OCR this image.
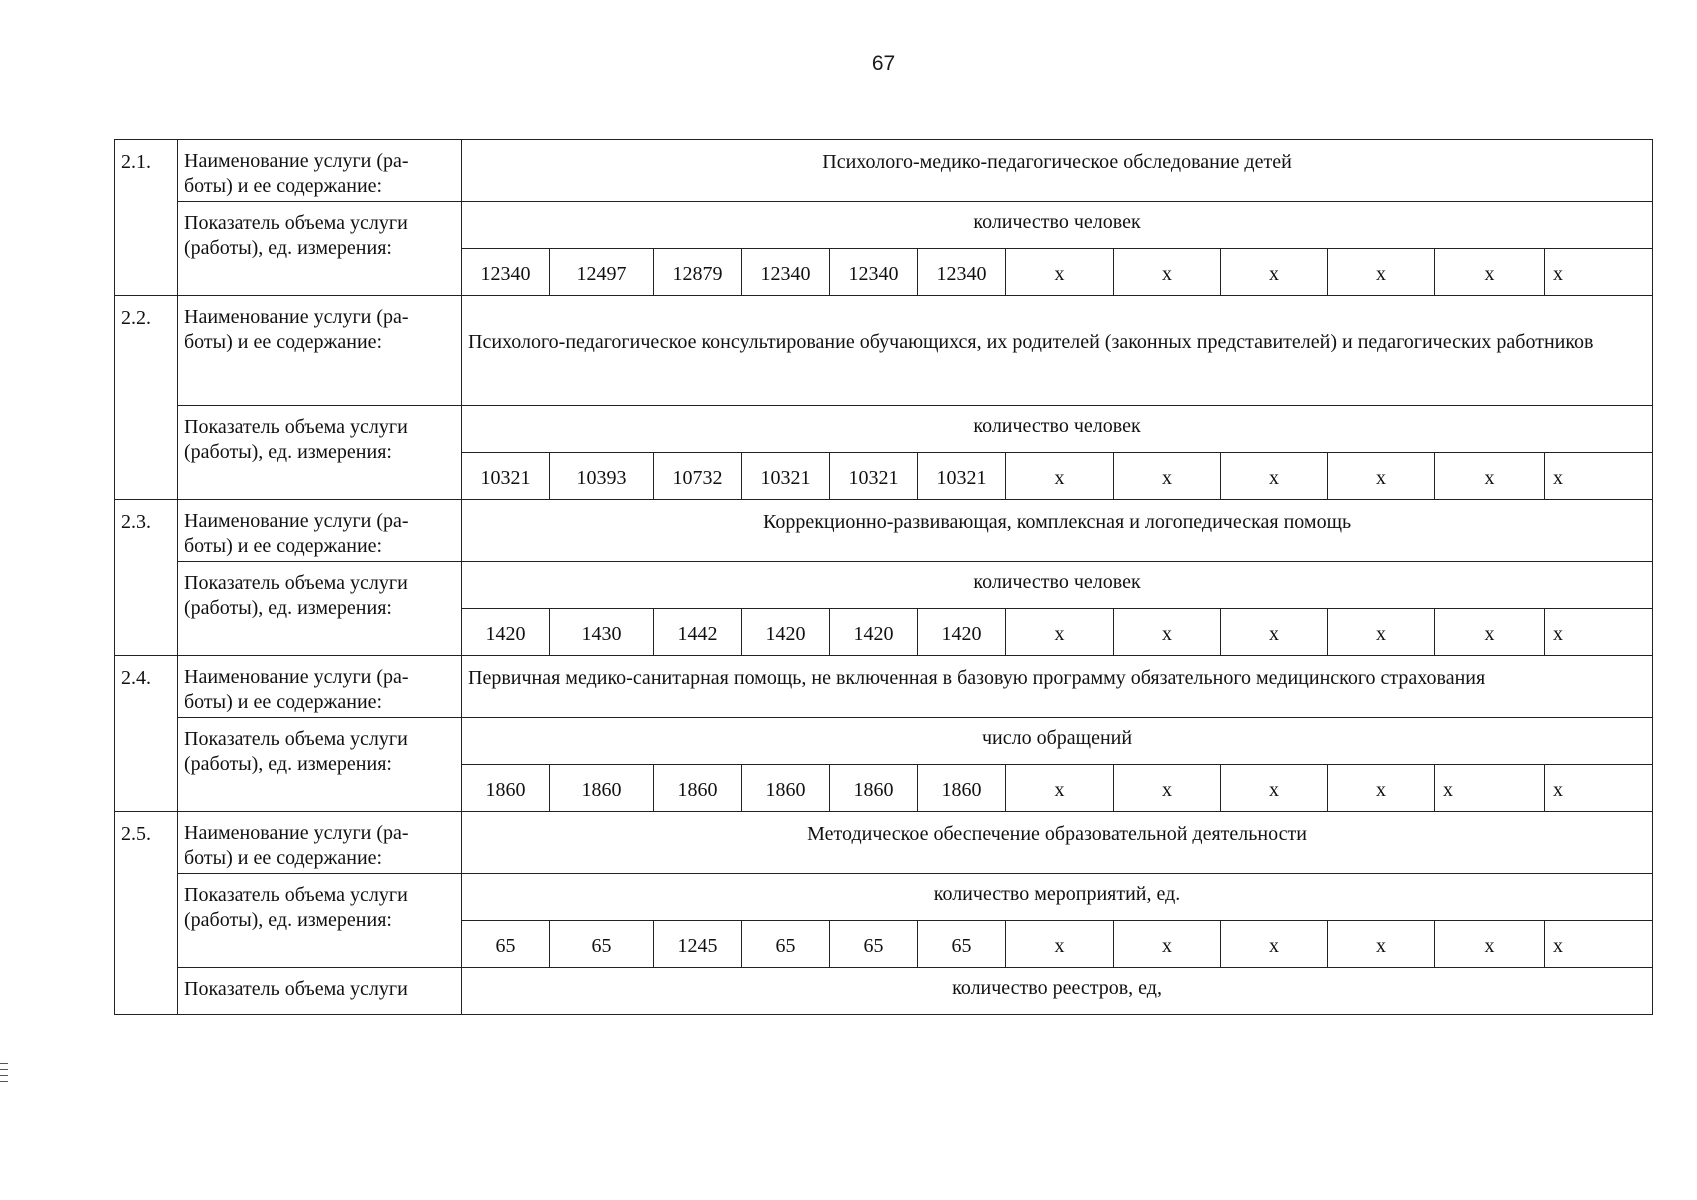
67
2.1.	Наименование услуги (ра-боты) и ее содержание:	Психолого-медико-педагогическое обследование детей											
	Показатель объема услуги (работы), ед. измерения:	количество человек											
		12340	12497	12879	12340	12340	12340	x	x	x	x	x	x
2.2.	Наименование услуги (ра-боты) и ее содержание:	Психолого-педагогическое консультирование обучающихся, их родителей (законных представителей) и педагогических работников											

	Показатель объема услуги (работы), ед. измерения:	количество человек											
		10321	10393	10732	10321	10321	10321	x	x	x	x	x	x
2.3.	Наименование услуги (ра-боты) и ее содержание:	Коррекционно-развивающая, комплексная и логопедическая помощь											
	Показатель объема услуги (работы), ед. измерения:	количество человек											
		1420	1430	1442	1420	1420	1420	x	x	x	x	x	x
2.4.	Наименование услуги (ра-боты) и ее содержание:	Первичная медико-санитарная помощь, не включенная в базовую программу обязательного медицинского страхования											
	Показатель объема услуги (работы), ед. измерения:	число обращений											
		1860	1860	1860	1860	1860	1860	x	x	x	x	x	x
2.5.	Наименование услуги (ра-боты) и ее содержание:	Методическое обеспечение образовательной деятельности											
	Показатель объема услуги (работы), ед. измерения:	количество мероприятий, ед.											
		65	65	1245	65	65	65	x	x	x	x	x	x
	Показатель объема услуги	количество реестров, ед,											
